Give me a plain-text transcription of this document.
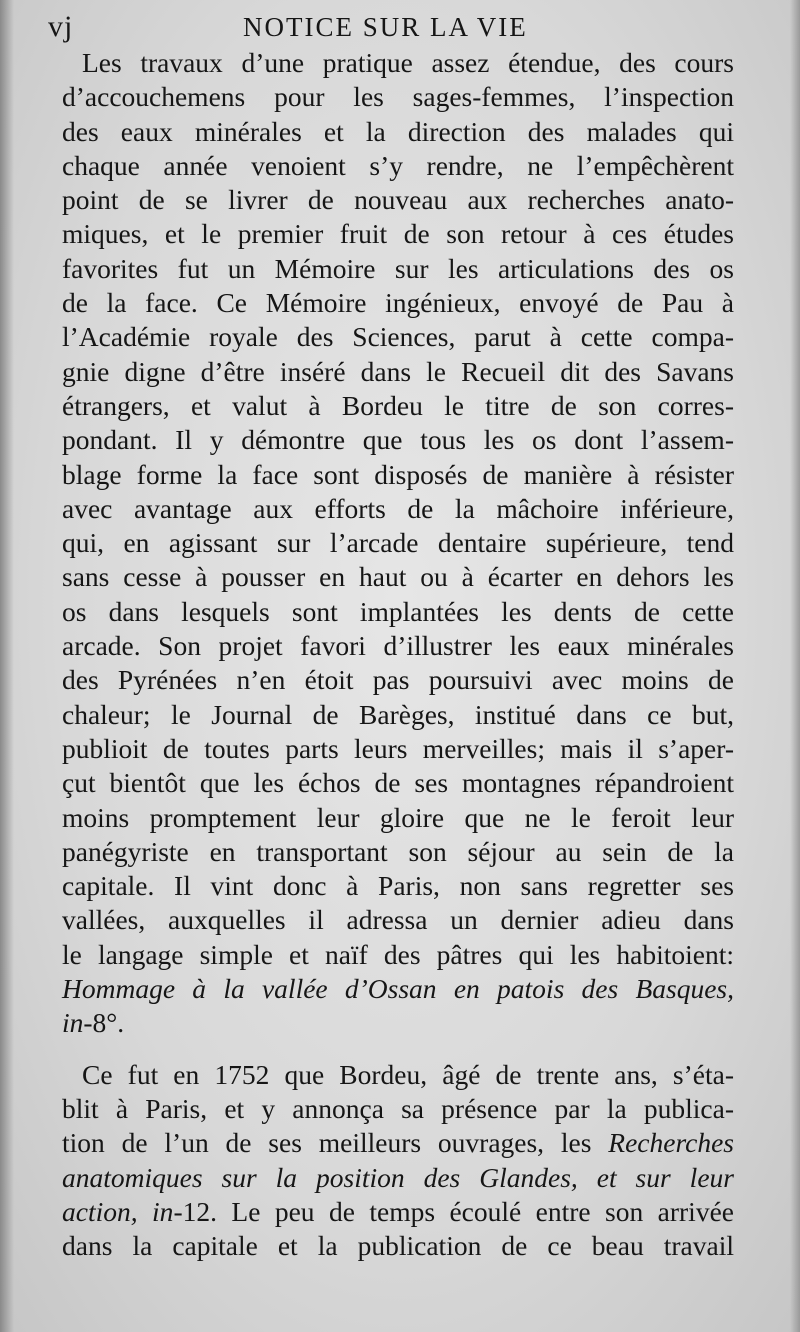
vj	NOTICE SUR LA VIE
Les travaux d’une pratique assez étendue, des cours
d’accouchemens pour les sages-femmes, l’inspection
des eaux minérales et la direction des malades qui
chaque année venoient s’y rendre, ne l’empêchèrent
point de se livrer de nouveau aux recherches anato-
miques, et le premier fruit de son retour à ces études
favorites fut un Mémoire sur les articulations des os
de la face. Ce Mémoire ingénieux, envoyé de Pau à
l’Académie royale des Sciences, parut à cette compa-
gnie digne d’être inséré dans le Recueil dit des Savans
étrangers, et valut à Bordeu le titre de son corres-
pondant. Il y démontre que tous les os dont l’assem-
blage forme la face sont disposés de manière à résister
avec avantage aux efforts de la mâchoire inférieure,
qui, en agissant sur l’arcade dentaire supérieure, tend
sans cesse à pousser en haut ou à écarter en dehors les
os dans lesquels sont implantées les dents de cette
arcade. Son projet favori d’illustrer les eaux minérales
des Pyrénées n’en étoit pas poursuivi avec moins de
chaleur; le Journal de Barèges, institué dans ce but,
publioit de toutes parts leurs merveilles; mais il s’aper-
çut bientôt que les échos de ses montagnes répandroient
moins promptement leur gloire que ne le feroit leur
panégyriste en transportant son séjour au sein de la
capitale. Il vint donc à Paris, non sans regretter ses
vallées, auxquelles il adressa un dernier adieu dans
le langage simple et naïf des pâtres qui les habitoient:
Hommage à la vallée d’Ossan en patois des Basques,
in-8°.
Ce fut en 1752 que Bordeu, âgé de trente ans, s’éta-
blit à Paris, et y annonça sa présence par la publica-
tion de l’un de ses meilleurs ouvrages, les Recherches
anatomiques sur la position des Glandes, et sur leur
action, in-12. Le peu de temps écoulé entre son arrivée
dans la capitale et la publication de ce beau travail
